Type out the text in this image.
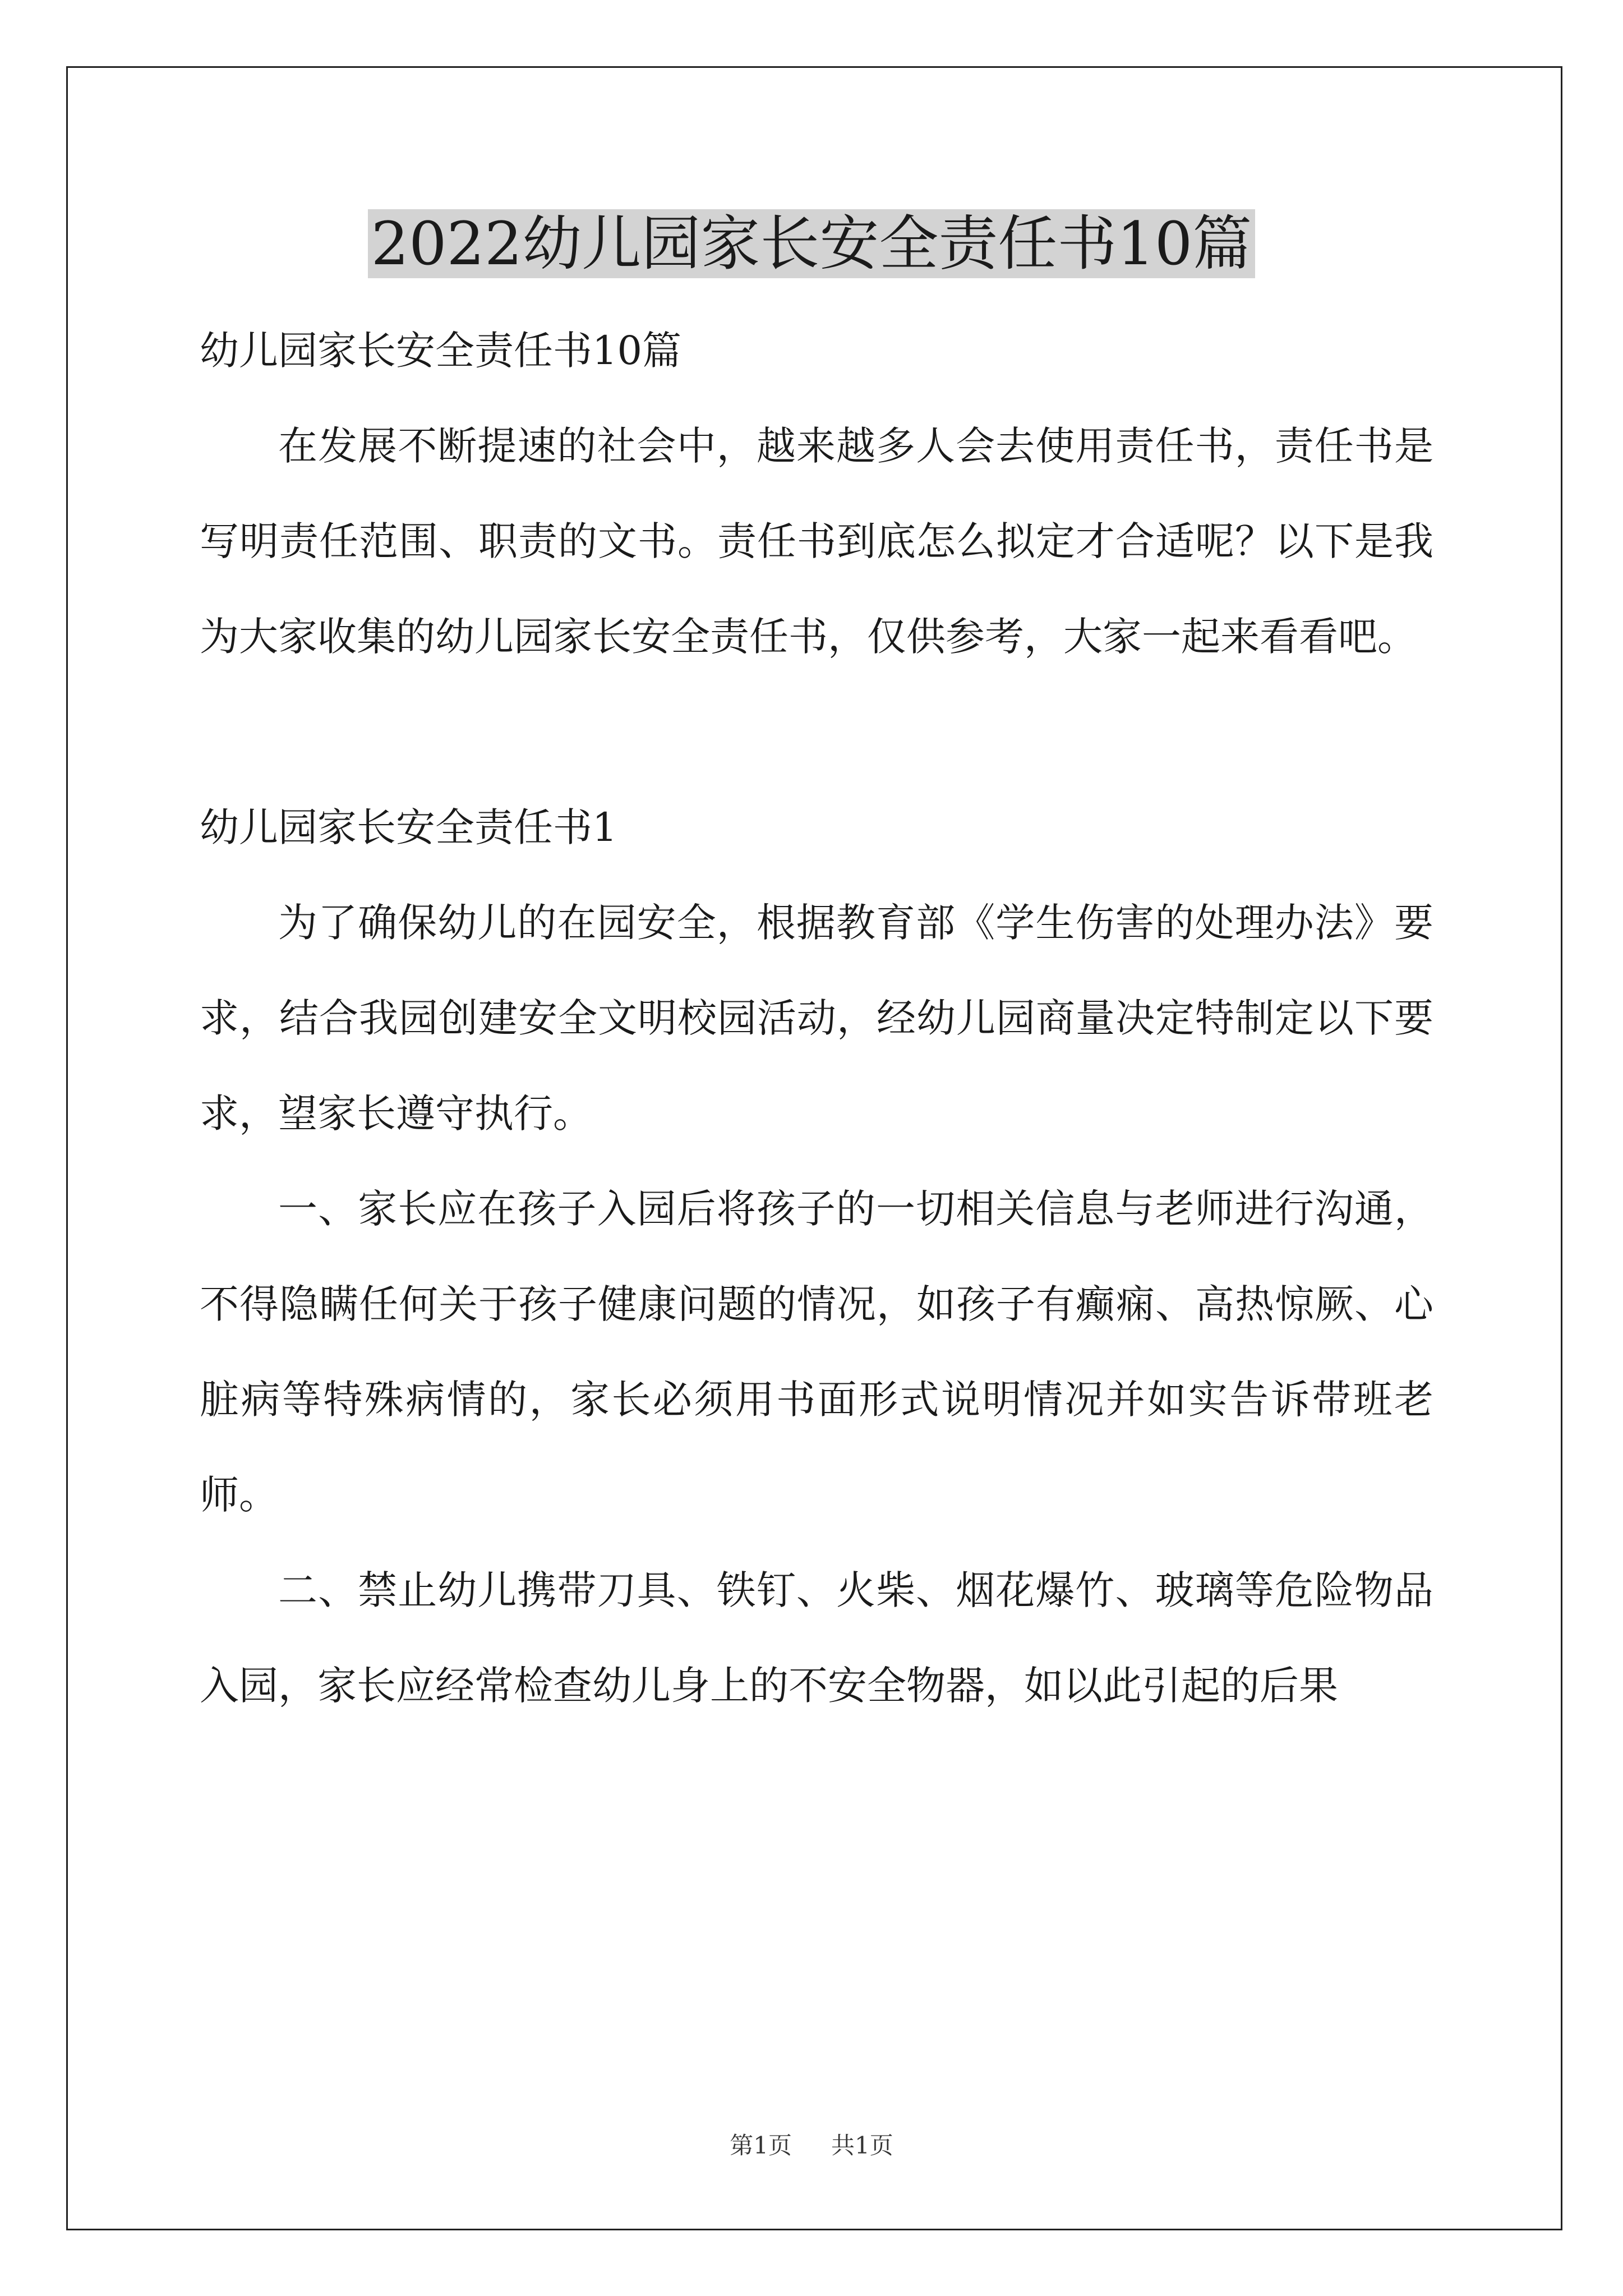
2022幼儿园家长安全责任书10篇

幼儿园家长安全责任书10篇

在发展不断提速的社会中，越来越多人会去使用责任书，责任书是写明责任范围、职责的文书。责任书到底怎么拟定才合适呢？以下是我为大家收集的幼儿园家长安全责任书，仅供参考，大家一起来看看吧。

幼儿园家长安全责任书1

为了确保幼儿的在园安全，根据教育部《学生伤害的处理办法》要求，结合我园创建安全文明校园活动，经幼儿园商量决定特制定以下要求，望家长遵守执行。

一、家长应在孩子入园后将孩子的一切相关信息与老师进行沟通，不得隐瞒任何关于孩子健康问题的情况，如孩子有癫痫、高热惊厥、心脏病等特殊病情的，家长必须用书面形式说明情况并如实告诉带班老师。

二、禁止幼儿携带刀具、铁钉、火柴、烟花爆竹、玻璃等危险物品入园，家长应经常检查幼儿身上的不安全物器，如以此引起的后果

第1页 共1页
